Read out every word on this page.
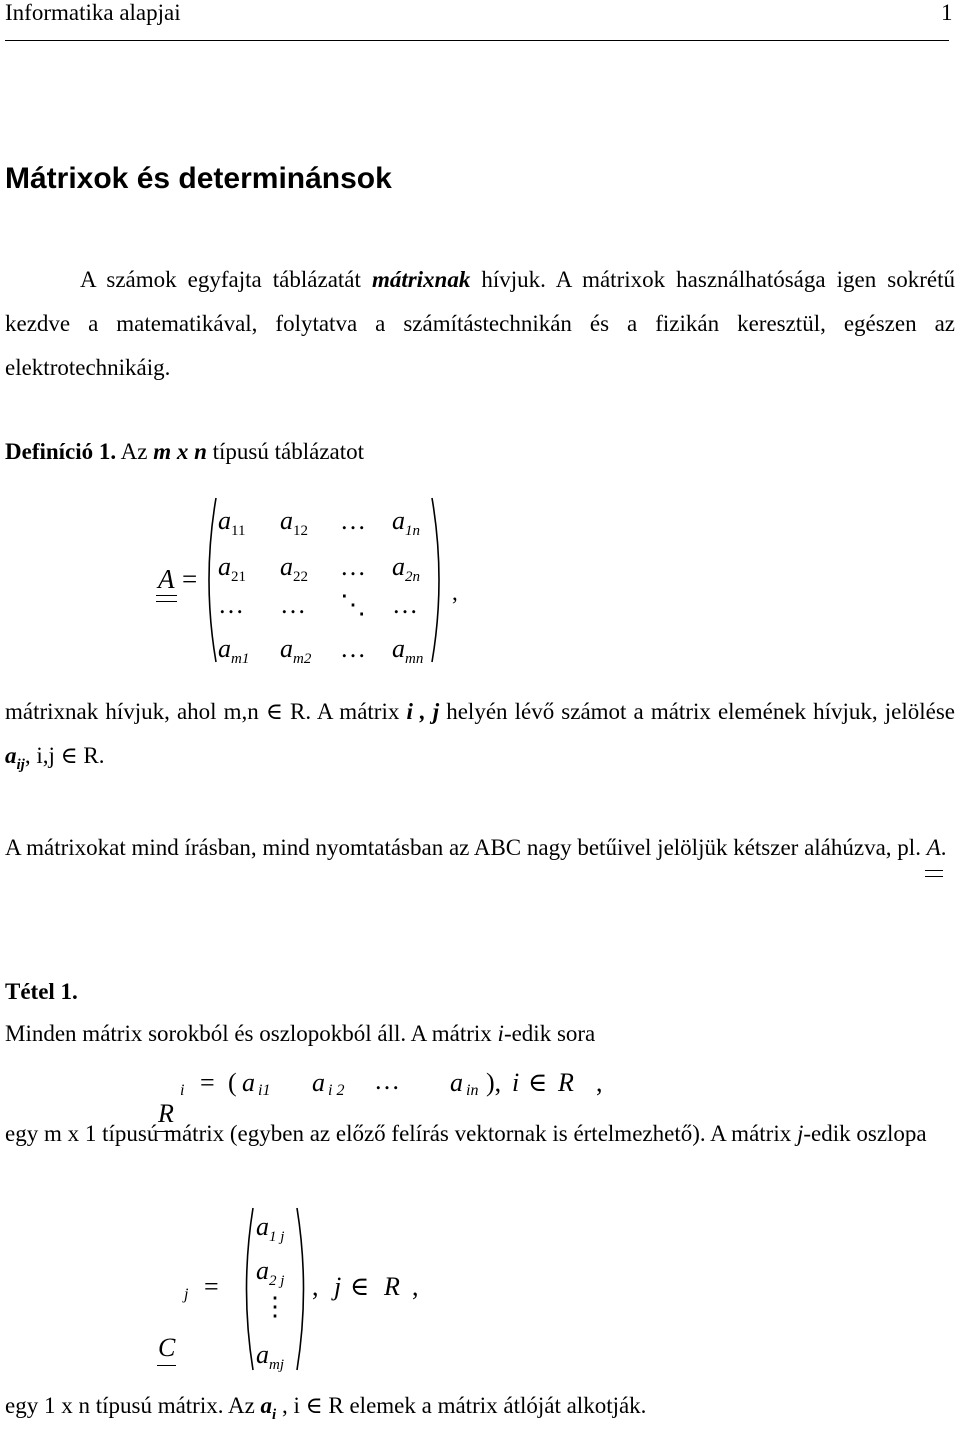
Informatika alapjai	1
Mátrixok és determinánsok
A számok egyfajta táblázatát mátrixnak hívjuk. A mátrixok használhatósága igen sokrétű kezdve a matematikával, folytatva a számítástechnikán és a fizikán keresztül, egészen az elektrotechnikáig.
Definíció 1. Az m x n típusú táblázatot
A =
$a_{11}$ $a_{12}$ … $a_{1n}$
$a_{21}$ $a_{22}$ … $a_{2n}$
… … ⋱ …
$a_{m1}$ $a_{m2}$ … $a_{mn}$
,
mátrixnak hívjuk, ahol m,n ∈ R. A mátrix i , j helyén lévő számot a mátrix elemének hívjuk, jelölése $a_{ij}$, i,j ∈ R.
A mátrixokat mind írásban, mind nyomtatásban az ABC nagy betűivel jelöljük kétszer aláhúzva, pl. A.
Tétel 1.
Minden mátrix sorokból és oszlopokból áll. A mátrix i-edik sora
R
i = ( a i1 a i 2 … a in ), i ∈ R ,
egy m x 1 típusú mátrix (egyben az előző felírás vektornak is értelmezhető). A mátrix j-edik oszlopa
C
j =
$a_{1 j}$
$a_{2 j}$
⋮
$a_{mj}$
, j ∈ R ,
egy 1 x n típusú mátrix. Az $a_i$ , i ∈ R elemek a mátrix átlóját alkotják.
